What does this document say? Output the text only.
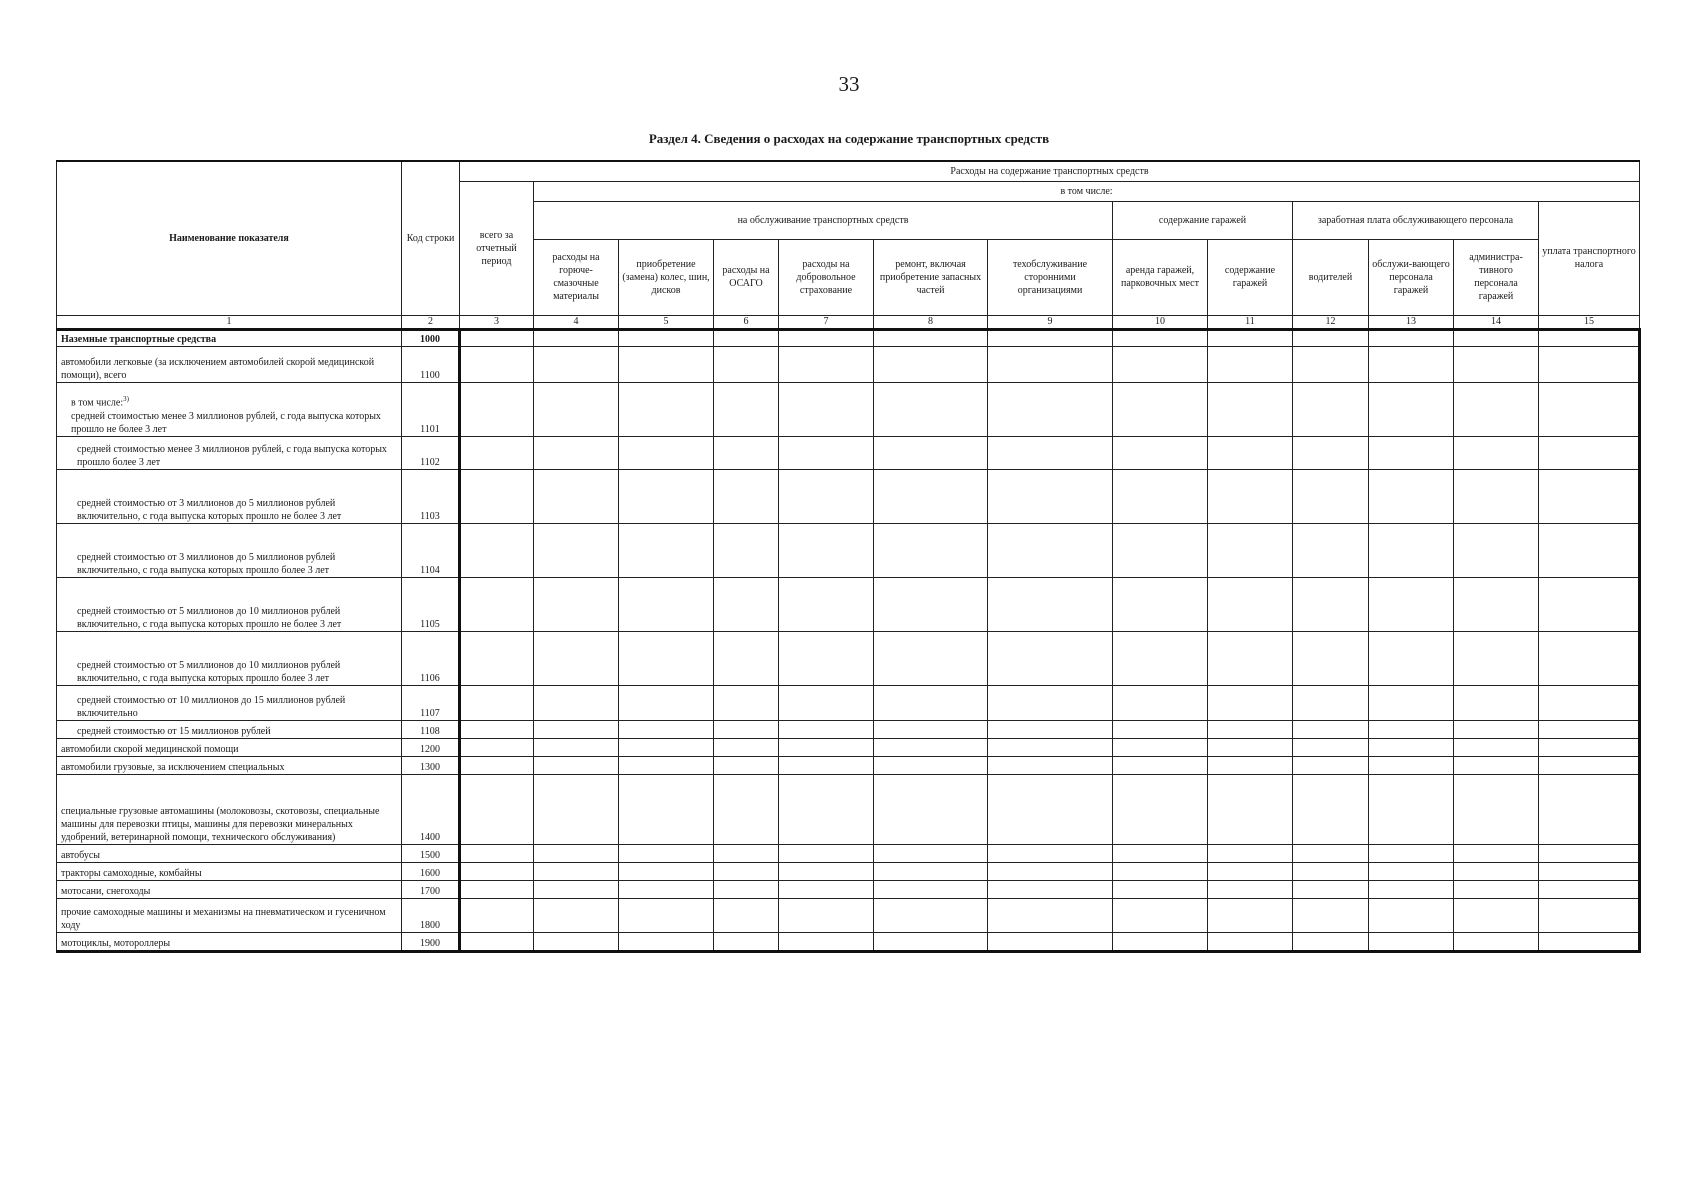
33
Раздел 4. Сведения о расходах на содержание транспортных средств
Наименование показателя	Код строки	Расходы на содержание транспортных средств												
		всего за отчетный период	в том числе:											
			на обслуживание транспортных средств						содержание гаражей		заработная плата обслуживающего персонала			уплата транспортного налога
			расходы на горюче-смазочные материалы	приобретение (замена) колес, шин, дисков	расходы на ОСАГО	расходы на добровольное страхование	ремонт, включая приобретение запасных частей	техобслуживание сторонними организациями	аренда гаражей, парковочных мест	содержание гаражей	водителей	обслужи-вающего персонала гаражей	администра-тивного персонала гаражей	
1	2	3	4	5	6	7	8	9	10	11	12	13	14	15
Наземные транспортные средства	1000													
автомобили легковые (за исключением автомобилей скорой медицинской помощи), всего	1100													
в том числе:$^{3)}$
средней стоимостью менее 3 миллионов рублей, с года выпуска которых прошло не более 3 лет	1101													
средней стоимостью менее 3 миллионов рублей, с года выпуска которых прошло более 3 лет	1102													
средней стоимостью от 3 миллионов до 5 миллионов рублей включительно, с года выпуска которых прошло не более 3 лет	1103													
средней стоимостью от 3 миллионов до 5 миллионов рублей включительно, с года выпуска которых прошло более 3 лет	1104													
средней стоимостью от 5 миллионов до 10 миллионов рублей включительно, с года выпуска которых прошло не более 3 лет	1105													
средней стоимостью от 5 миллионов до 10 миллионов рублей включительно, с года выпуска которых прошло более 3 лет	1106													
средней стоимостью от 10 миллионов до 15 миллионов рублей включительно	1107													
средней стоимостью от 15 миллионов рублей	1108													
автомобили скорой медицинской помощи	1200													
автомобили грузовые, за исключением специальных	1300													
специальные грузовые автомашины (молоковозы, скотовозы, специальные машины для перевозки птицы, машины для перевозки минеральных удобрений, ветеринарной помощи, технического обслуживания)	1400													
автобусы	1500													
тракторы самоходные, комбайны	1600													
мотосани, снегоходы	1700													
прочие самоходные машины и механизмы на пневматическом и гусеничном ходу	1800													
мотоциклы, мотороллеры	1900													
